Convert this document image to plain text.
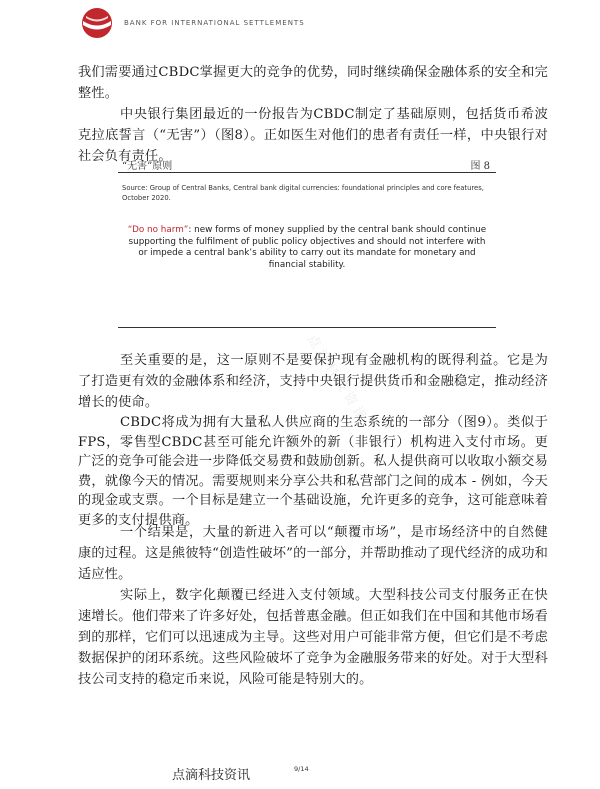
BANK FOR INTERNATIONAL SETTLEMENTS

我们需要通过CBDC掌握更大的竞争的优势，同时继续确保金融体系的安全和完整性。

中央银行集团最近的一份报告为CBDC制定了基础原则，包括货币希波克拉底誓言（“无害”）（图8）。正如医生对他们的患者有责任一样，中央银行对社会负有责任。

“无害”原则	图 8
Source: Group of Central Banks, Central bank digital currencies: foundational principles and core features, October 2020.
“Do no harm”: new forms of money supplied by the central bank should continue supporting the fulfilment of public policy objectives and should not interfere with or impede a central bank’s ability to carry out its mandate for monetary and financial stability.

至关重要的是，这一原则不是要保护现有金融机构的既得利益。它是为了打造更有效的金融体系和经济，支持中央银行提供货币和金融稳定，推动经济增长的使命。

CBDC将成为拥有大量私人供应商的生态系统的一部分（图9）。类似于FPS，零售型CBDC甚至可能允许额外的新（非银行）机构进入支付市场。更广泛的竞争可能会进一步降低交易费和鼓励创新。私人提供商可以收取小额交易费，就像今天的情况。需要规则来分享公共和私营部门之间的成本 - 例如，今天的现金或支票。一个目标是建立一个基础设施，允许更多的竞争，这可能意味着更多的支付提供商。

一个结果是，大量的新进入者可以“颠覆市场”，是市场经济中的自然健康的过程。这是熊彼特“创造性破坏”的一部分，并帮助推动了现代经济的成功和适应性。

实际上，数字化颠覆已经进入支付领域。大型科技公司支付服务正在快速增长。他们带来了许多好处，包括普惠金融。但正如我们在中国和其他市场看到的那样，它们可以迅速成为主导。这些对用户可能非常方便，但它们是不考虑数据保护的闭环系统。这些风险破坏了竞争为金融服务带来的好处。对于大型科技公司支持的稳定币来说，风险可能是特别大的。

点滴科技资讯
点滴科技资讯	9/14
